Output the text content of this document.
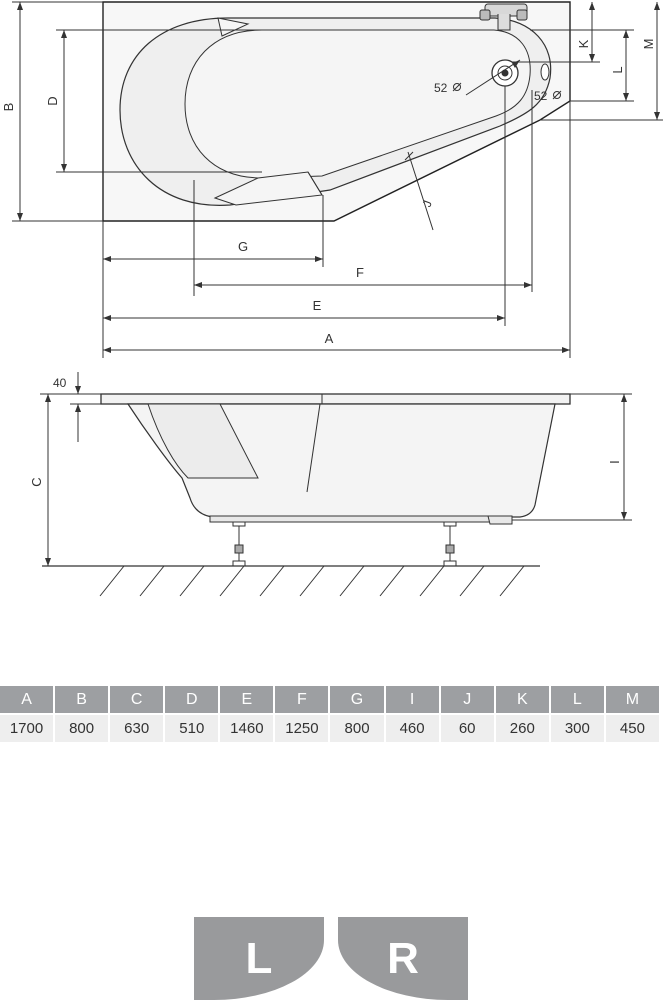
B
D
G
F
E
A
J
K
L
M
52
52
40
C
I
A	B	C	D	E	F	G	I	J	K	L	M
1700	800	630	510	1460	1250	800	460	60	260	300	450
L	R
